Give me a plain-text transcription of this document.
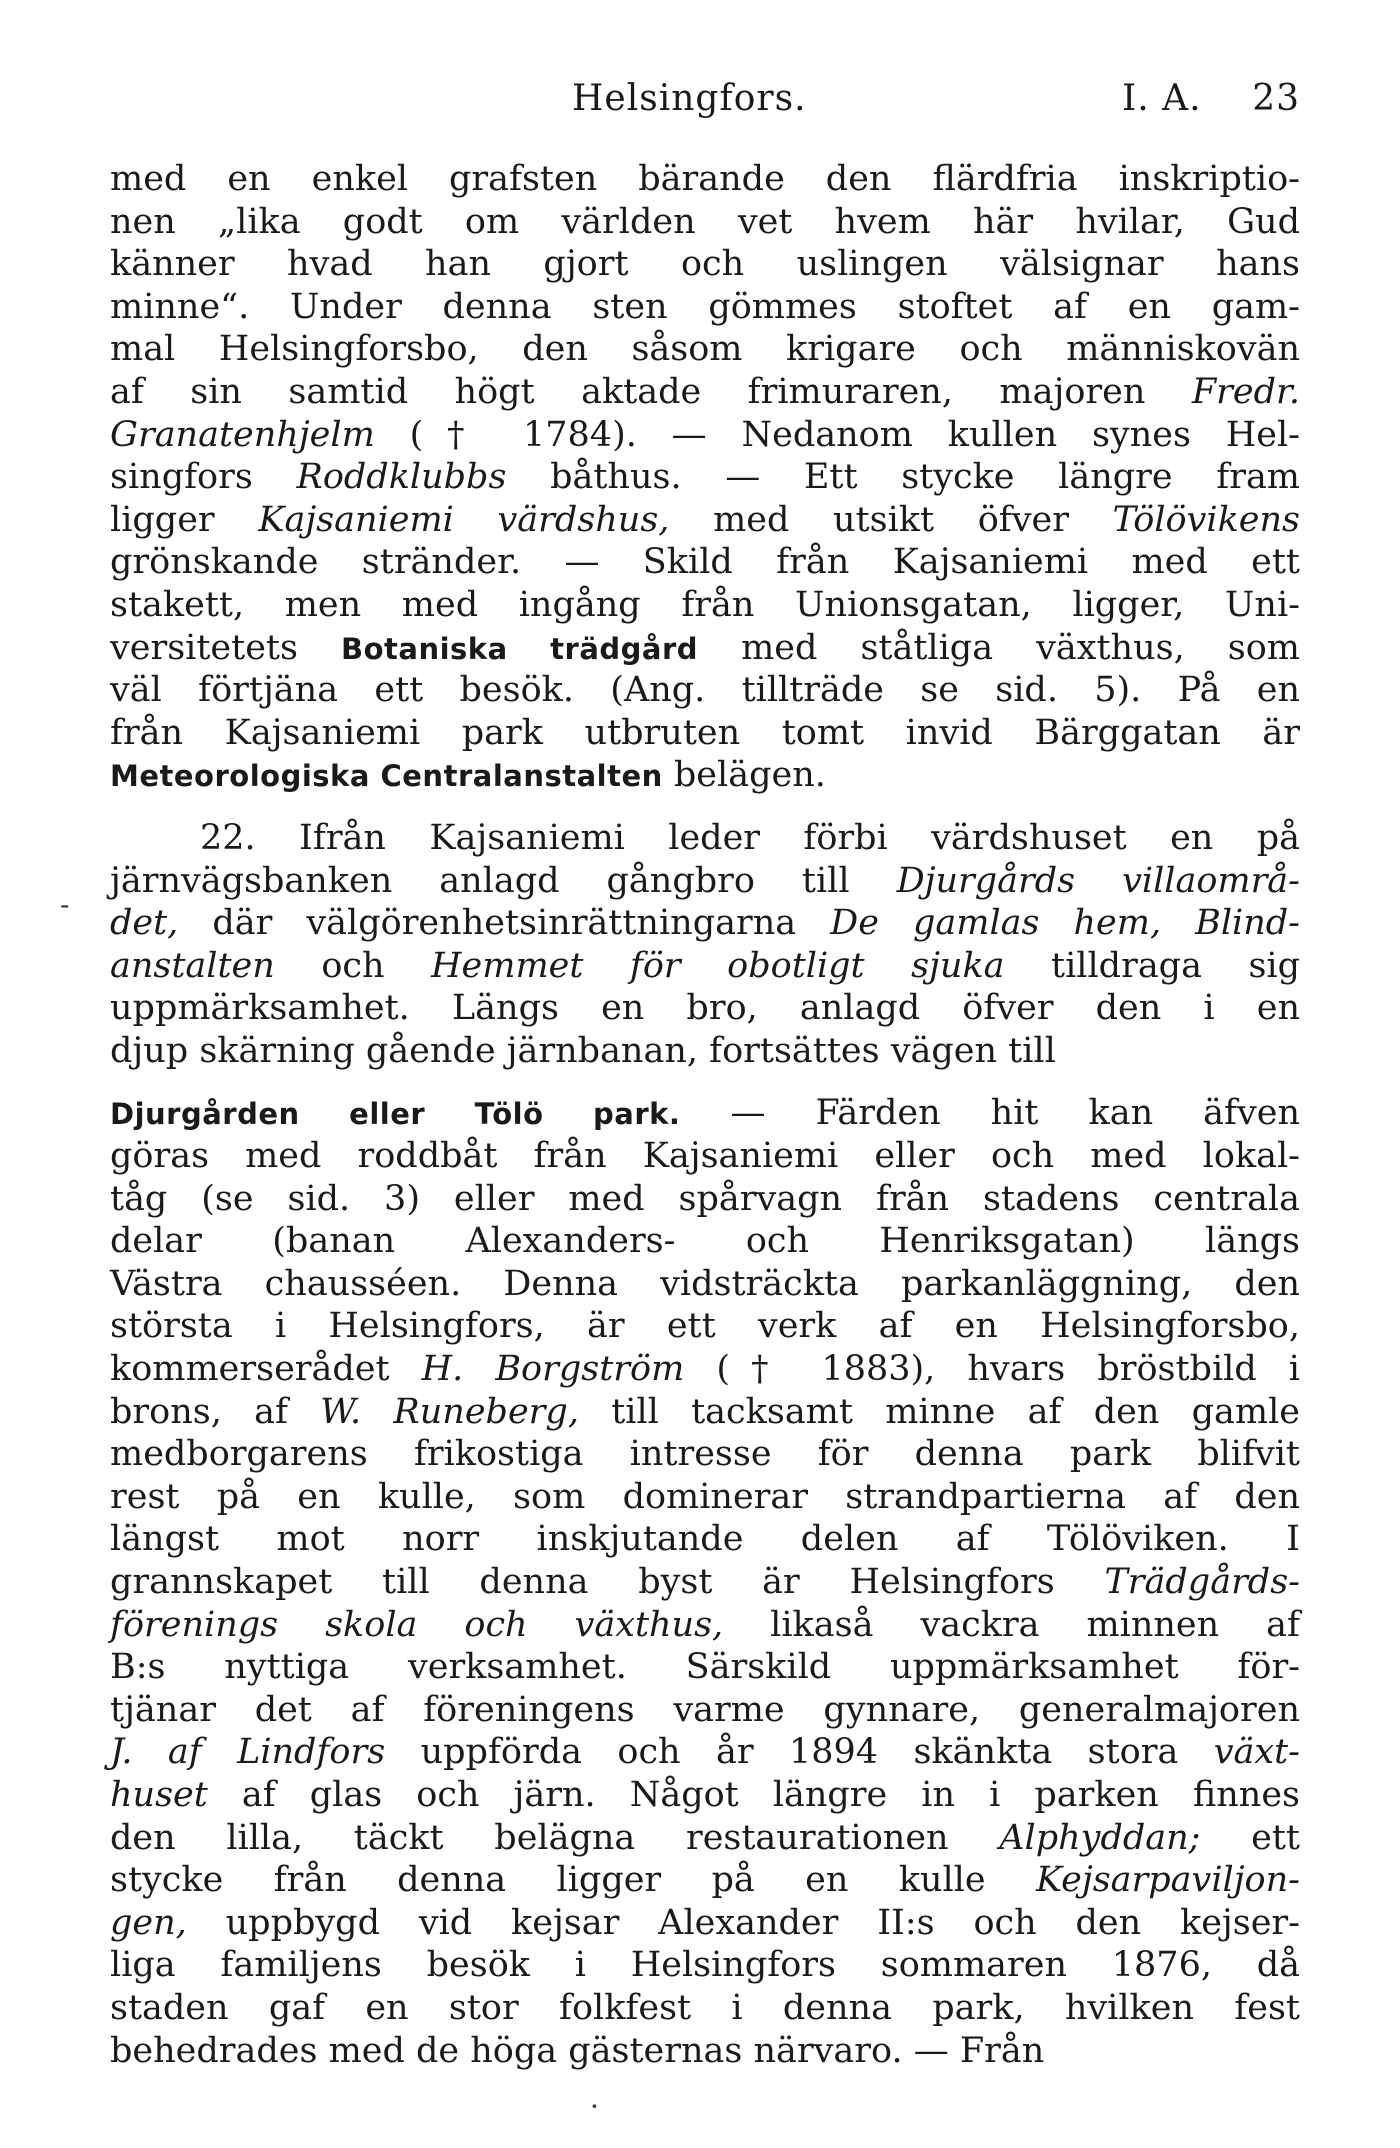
Helsingfors.	I. A. 23
med en enkel grafsten bärande den flärdfria inskriptio-
nen „lika godt om världen vet hvem här hvilar, Gud
känner hvad han gjort och uslingen välsignar hans
minne“. Under denna sten gömmes stoftet af en gam-
mal Helsingforsbo, den såsom krigare och människovän
af sin samtid högt aktade frimuraren, majoren Fredr.
Granatenhjelm († 1784). — Nedanom kullen synes Hel-
singfors Roddklubbs båthus. — Ett stycke längre fram
ligger Kajsaniemi värdshus, med utsikt öfver Tölövikens
grönskande stränder. — Skild från Kajsaniemi med ett
stakett, men med ingång från Unionsgatan, ligger, Uni-
versitetets Botaniska trädgård med ståtliga växthus, som
väl förtjäna ett besök. (Ang. tillträde se sid. 5). På en
från Kajsaniemi park utbruten tomt invid Bärggatan är
Meteorologiska Centralanstalten belägen.
22. Ifrån Kajsaniemi leder förbi värdshuset en på
järnvägsbanken anlagd gångbro till Djurgårds villaområ-
det, där välgörenhetsinrättningarna De gamlas hem, Blind-
anstalten och Hemmet för obotligt sjuka tilldraga sig
uppmärksamhet. Längs en bro, anlagd öfver den i en
djup skärning gående järnbanan, fortsättes vägen till
Djurgården eller Tölö park. — Färden hit kan äfven
göras med roddbåt från Kajsaniemi eller och med lokal-
tåg (se sid. 3) eller med spårvagn från stadens centrala
delar (banan Alexanders- och Henriksgatan) längs
Västra chausséen. Denna vidsträckta parkanläggning, den
största i Helsingfors, är ett verk af en Helsingforsbo,
kommerserådet H. Borgström († 1883), hvars bröstbild i
brons, af W. Runeberg, till tacksamt minne af den gamle
medborgarens frikostiga intresse för denna park blifvit
rest på en kulle, som dominerar strandpartierna af den
längst mot norr inskjutande delen af Tölöviken. I
grannskapet till denna byst är Helsingfors Trädgårds-
förenings skola och växthus, likaså vackra minnen af
B:s nyttiga verksamhet. Särskild uppmärksamhet för-
tjänar det af föreningens varme gynnare, generalmajoren
J. af Lindfors uppförda och år 1894 skänkta stora växt-
huset af glas och järn. Något längre in i parken finnes
den lilla, täckt belägna restaurationen Alphyddan; ett
stycke från denna ligger på en kulle Kejsarpaviljon-
gen, uppbygd vid kejsar Alexander II:s och den kejser-
liga familjens besök i Helsingfors sommaren 1876, då
staden gaf en stor folkfest i denna park, hvilken fest
behedrades med de höga gästernas närvaro. — Från
-
·
